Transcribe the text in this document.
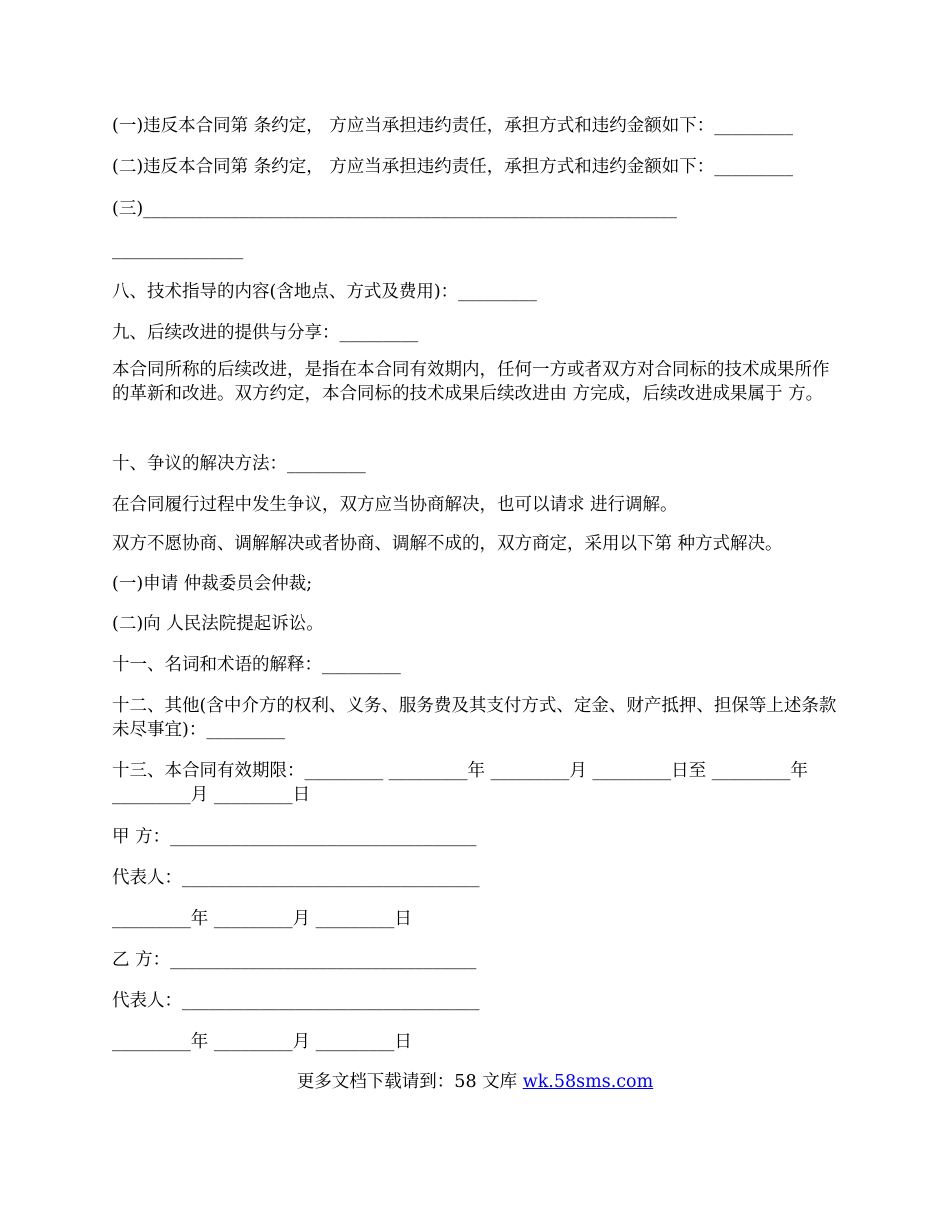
(一)违反本合同第 条约定， 方应当承担违约责任，承担方式和违约金额如下：_________
(二)违反本合同第 条约定， 方应当承担违约责任，承担方式和违约金额如下：_________
(三)_____________________________________________________________
_______________
八、技术指导的内容(含地点、方式及费用)：_________
九、后续改进的提供与分享：_________
本合同所称的后续改进，是指在本合同有效期内，任何一方或者双方对合同标的技术成果所作的革新和改进。双方约定，本合同标的技术成果后续改进由 方完成，后续改进成果属于 方。
十、争议的解决方法：_________
在合同履行过程中发生争议，双方应当协商解决，也可以请求 进行调解。
双方不愿协商、调解解决或者协商、调解不成的，双方商定，采用以下第 种方式解决。
(一)申请 仲裁委员会仲裁;
(二)向 人民法院提起诉讼。
十一、名词和术语的解释：_________
十二、其他(含中介方的权利、义务、服务费及其支付方式、定金、财产抵押、担保等上述条款未尽事宜)：_________
十三、本合同有效期限：_________ _________年 _________月 _________日至 _________年 _________月 _________日
甲 方：___________________________________
代表人：__________________________________
_________年 _________月 _________日
乙 方：___________________________________
代表人：__________________________________
_________年 _________月 _________日
更多文档下载请到：58 文库 wk.58sms.com
